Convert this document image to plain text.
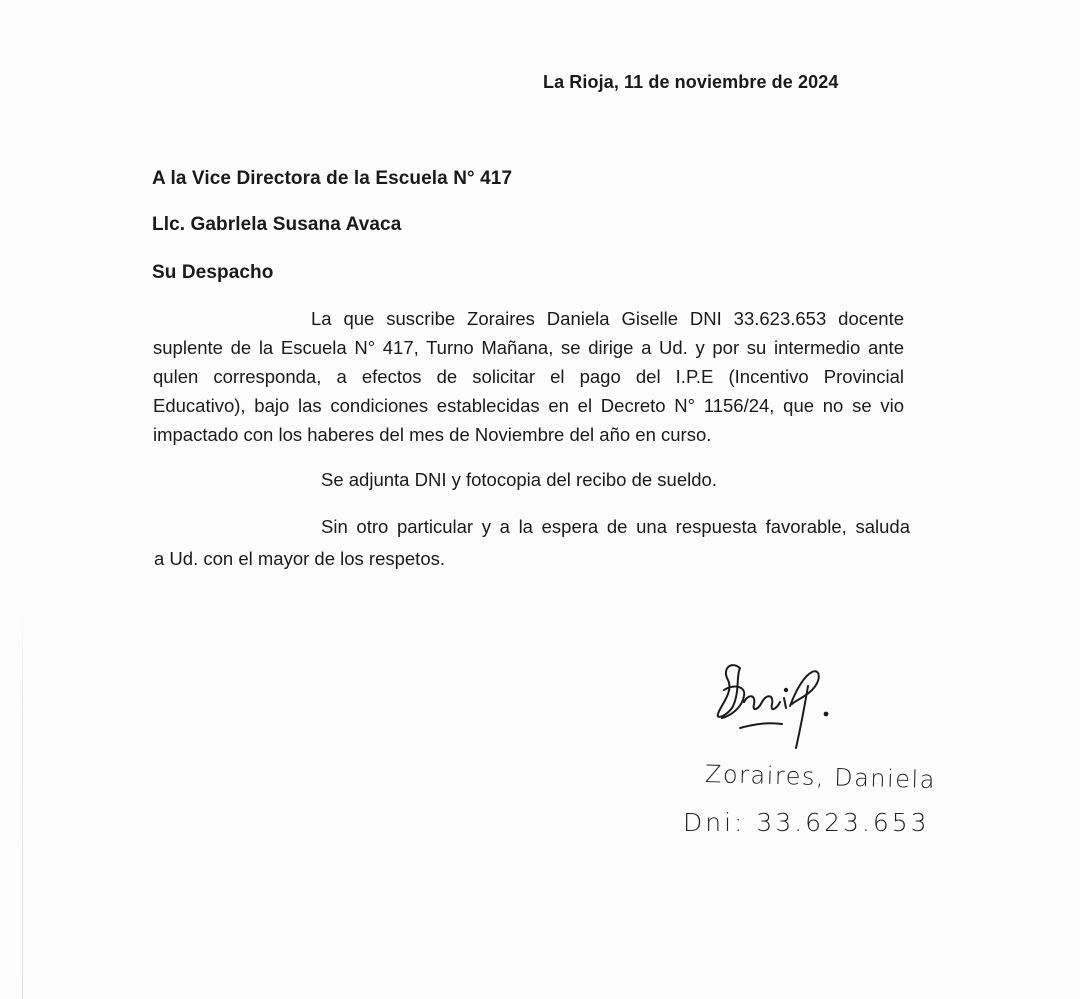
La Rioja, 11 de noviembre de 2024
A la Vice Directora de la Escuela N° 417
Llc. Gabrlela Susana Avaca
Su Despacho
La que suscribe Zoraires Daniela Giselle DNI 33.623.653 docente
suplente de la Escuela N° 417, Turno Mañana, se dirige a Ud. y por su intermedio ante
qulen corresponda, a efectos de solicitar el pago del I.P.E (Incentivo Provincial
Educativo), bajo las condiciones establecidas en el Decreto N° 1156/24, que no se vio
impactado con los haberes del mes de Noviembre del año en curso.
Se adjunta DNI y fotocopia del recibo de sueldo.
Sin otro particular y a la espera de una respuesta favorable, saluda
a Ud. con el mayor de los respetos.
Zoraires, Daniela
Dni: 33.623.653
